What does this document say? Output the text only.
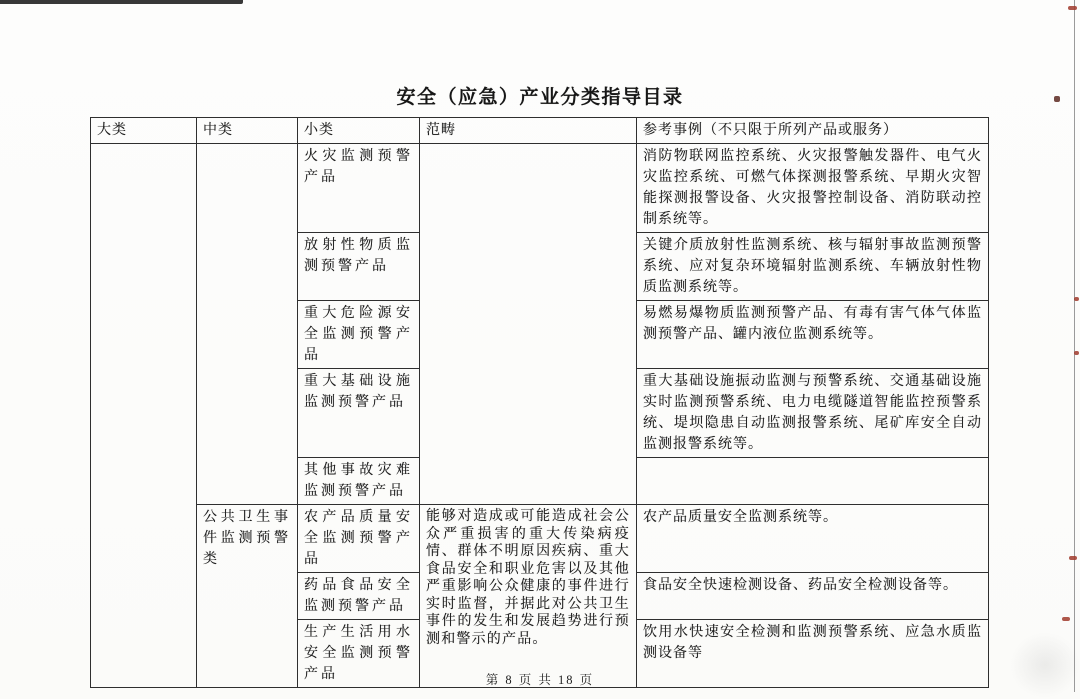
安全（应急）产业分类指导目录
大类	中类	小类	范畴	参考事例（不只限于所列产品或服务）
		火灾监测预警产品		消防物联网监控系统、火灾报警触发器件、电气火灾监控系统、可燃气体探测报警系统、早期火灾智能探测报警设备、火灾报警控制设备、消防联动控制系统等。
		放射性物质监测预警产品		关键介质放射性监测系统、核与辐射事故监测预警系统、应对复杂环境辐射监测系统、车辆放射性物质监测系统等。
		重大危险源安全监测预警产品		易燃易爆物质监测预警产品、有毒有害气体气体监测预警产品、罐内液位监测系统等。
		重大基础设施监测预警产品		重大基础设施振动监测与预警系统、交通基础设施实时监测预警系统、电力电缆隧道智能监控预警系统、堤坝隐患自动监测报警系统、尾矿库安全自动监测报警系统等。
		其他事故灾难监测预警产品		
	公共卫生事件监测预警类	农产品质量安全监测预警产品	能够对造成或可能造成社会公众严重损害的重大传染病疫情、群体不明原因疾病、重大食品安全和职业危害以及其他严重影响公众健康的事件进行实时监督，并据此对公共卫生事件的发生和发展趋势进行预测和警示的产品。	农产品质量安全监测系统等。
		药品食品安全监测预警产品		食品安全快速检测设备、药品安全检测设备等。
		生产生活用水安全监测预警产品		饮用水快速安全检测和监测预警系统、应急水质监测设备等
第 8 页 共 18 页
